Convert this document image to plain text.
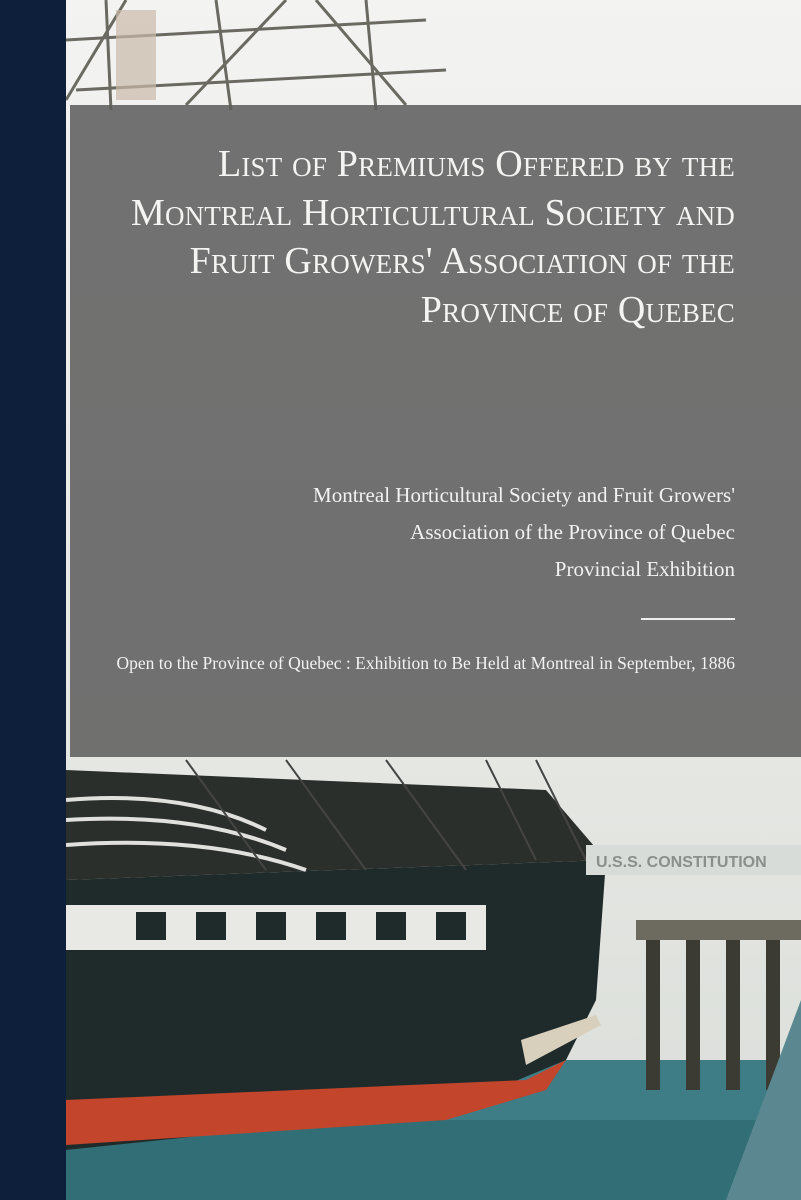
U.S.S. CONSTITUTION
List of Premiums Offered by the Montreal Horticultural Society and Fruit Growers' Association of the Province of Quebec
Montreal Horticultural Society and Fruit Growers'
Association of the Province of Quebec
Provincial Exhibition
Open to the Province of Quebec : Exhibition to Be Held at Montreal in September, 1886
